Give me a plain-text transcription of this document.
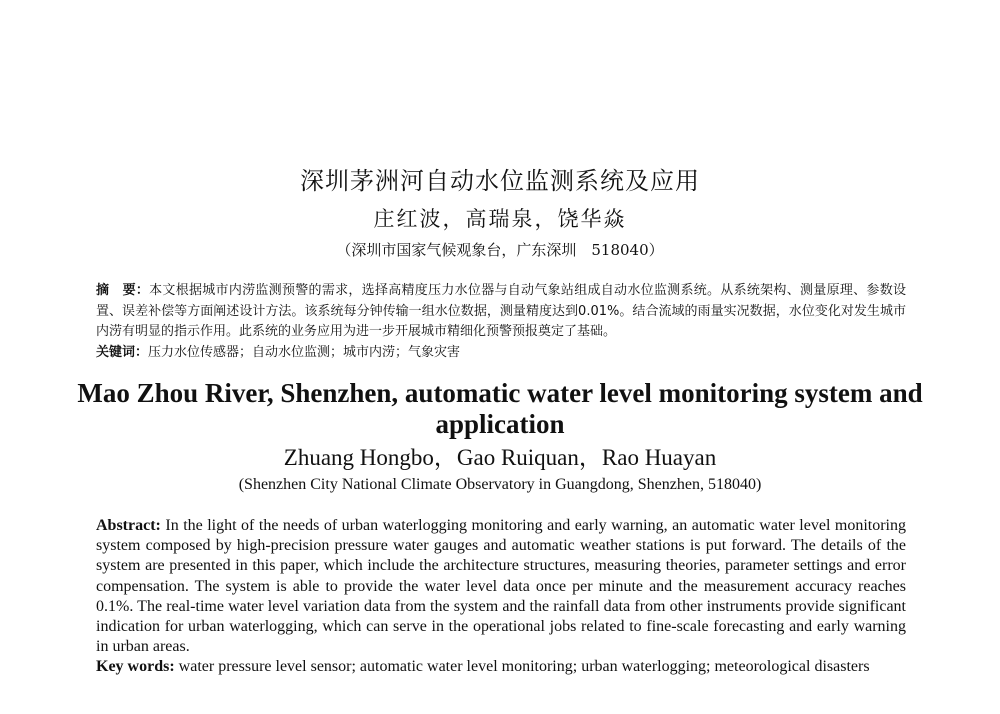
深圳茅洲河自动水位监测系统及应用
庄红波，高瑞泉，饶华焱
（深圳市国家气候观象台，广东深圳　518040）

摘　要：本文根据城市内涝监测预警的需求，选择高精度压力水位器与自动气象站组成自动水位监测系统。从系统架构、测量原理、参数设置、误差补偿等方面阐述设计方法。该系统每分钟传输一组水位数据，测量精度达到0.01%。结合流域的雨量实况数据，水位变化对发生城市内涝有明显的指示作用。此系统的业务应用为进一步开展城市精细化预警预报奠定了基础。

关键词：压力水位传感器；自动水位监测；城市内涝；气象灾害

Mao Zhou River, Shenzhen, automatic water level monitoring system and application
Zhuang Hongbo，Gao Ruiquan，Rao Huayan
(Shenzhen City National Climate Observatory in Guangdong, Shenzhen, 518040)

Abstract: In the light of the needs of urban waterlogging monitoring and early warning, an automatic water level monitoring system composed by high-precision pressure water gauges and automatic weather stations is put forward. The details of the system are presented in this paper, which include the architecture structures, measuring theories, parameter settings and error compensation. The system is able to provide the water level data once per minute and the measurement accuracy reaches 0.1%. The real-time water level variation data from the system and the rainfall data from other instruments provide significant indication for urban waterlogging, which can serve in the operational jobs related to fine-scale forecasting and early warning in urban areas.

Key words: water pressure level sensor; automatic water level monitoring; urban waterlogging; meteorological disasters
